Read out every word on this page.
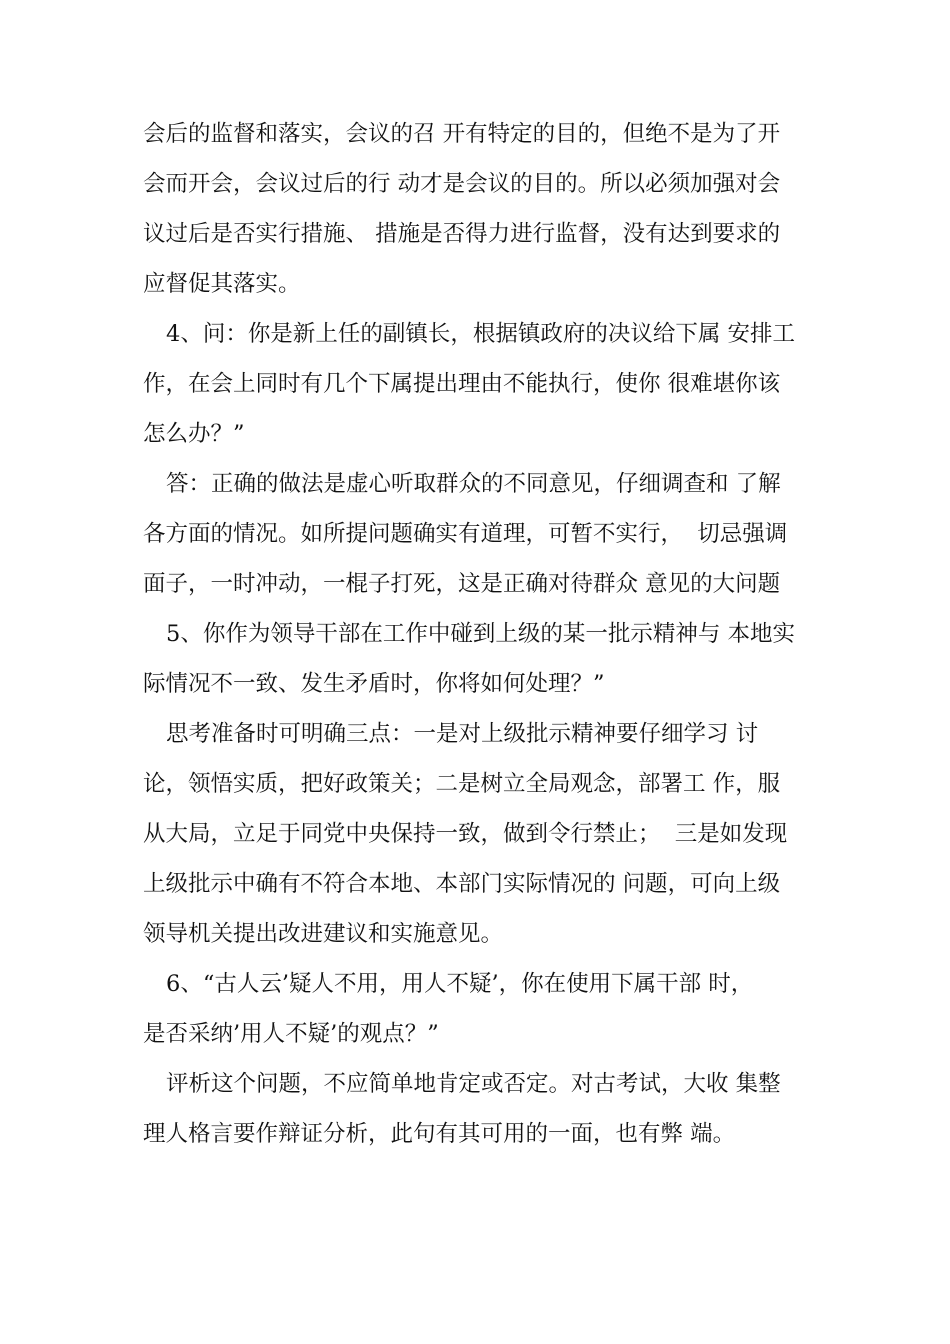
会后的监督和落实，会议的召 开有特定的目的，但绝不是为了开
会而开会，会议过后的行 动才是会议的目的。所以必须加强对会
议过后是否实行措施、 措施是否得力进行监督，没有达到要求的
应督促其落实。
4、问：你是新上任的副镇长，根据镇政府的决议给下属 安排工
作，在会上同时有几个下属提出理由不能执行，使你 很难堪你该
怎么办？”
答：正确的做法是虚心听取群众的不同意见，仔细调查和 了解
各方面的情况。如所提问题确实有道理，可暂不实行，  切忌强调
面子，一时冲动，一棍子打死，这是正确对待群众 意见的大问题
5、你作为领导干部在工作中碰到上级的某一批示精神与 本地实
际情况不一致、发生矛盾时，你将如何处理？”
思考准备时可明确三点：一是对上级批示精神要仔细学习 讨
论，领悟实质，把好政策关；二是树立全局观念，部署工 作，服
从大局，立足于同党中央保持一致，做到令行禁止；  三是如发现
上级批示中确有不符合本地、本部门实际情况的 问题，可向上级
领导机关提出改进建议和实施意见。
6、“古人云’疑人不用，用人不疑’，你在使用下属干部 时，
是否采纳’用人不疑’的观点？”
评析这个问题，不应简单地肯定或否定。对古考试，大收 集整
理人格言要作辩证分析，此句有其可用的一面，也有弊 端。
